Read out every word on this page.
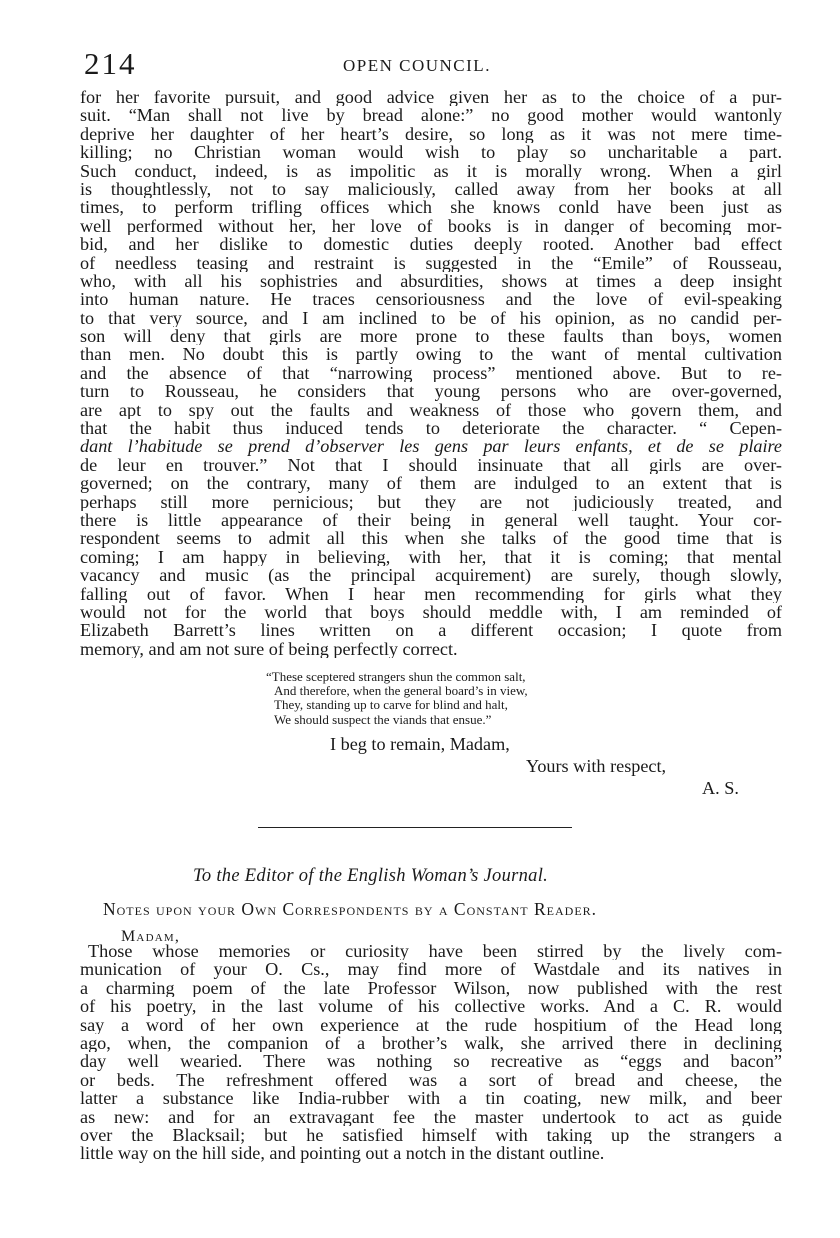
214	OPEN COUNCIL.
for her favorite pursuit, and good advice given her as to the choice of a pur-
suit. “Man shall not live by bread alone:” no good mother would wantonly
deprive her daughter of her heart’s desire, so long as it was not mere time-
killing; no Christian woman would wish to play so uncharitable a part.
Such conduct, indeed, is as impolitic as it is morally wrong. When a girl
is thoughtlessly, not to say maliciously, called away from her books at all
times, to perform trifling offices which she knows conld have been just as
well performed without her, her love of books is in danger of becoming mor-
bid, and her dislike to domestic duties deeply rooted. Another bad effect
of needless teasing and restraint is suggested in the “Emile” of Rousseau,
who, with all his sophistries and absurdities, shows at times a deep insight
into human nature. He traces censoriousness and the love of evil-speaking
to that very source, and I am inclined to be of his opinion, as no candid per-
son will deny that girls are more prone to these faults than boys, women
than men. No doubt this is partly owing to the want of mental cultivation
and the absence of that “narrowing process” mentioned above. But to re-
turn to Rousseau, he considers that young persons who are over-governed,
are apt to spy out the faults and weakness of those who govern them, and
that the habit thus induced tends to deteriorate the character. “ Cepen-
dant l’habitude se prend d’observer les gens par leurs enfants, et de se plaire
de leur en trouver.” Not that I should insinuate that all girls are over-
governed; on the contrary, many of them are indulged to an extent that is
perhaps still more pernicious; but they are not judiciously treated, and
there is little appearance of their being in general well taught. Your cor-
respondent seems to admit all this when she talks of the good time that is
coming; I am happy in believing, with her, that it is coming; that mental
vacancy and music (as the principal acquirement) are surely, though slowly,
falling out of favor. When I hear men recommending for girls what they
would not for the world that boys should meddle with, I am reminded of
Elizabeth Barrett’s lines written on a different occasion; I quote from
memory, and am not sure of being perfectly correct.
“These sceptered strangers shun the common salt,
And therefore, when the general board’s in view,
They, standing up to carve for blind and halt,
We should suspect the viands that ensue.”
I beg to remain, Madam,
Yours with respect,
A. S.
To the Editor of the English Woman’s Journal.
Notes upon your Own Correspondents by a Constant Reader.
Madam,
Those whose memories or curiosity have been stirred by the lively com-
munication of your O. Cs., may find more of Wastdale and its natives in
a charming poem of the late Professor Wilson, now published with the rest
of his poetry, in the last volume of his collective works. And a C. R. would
say a word of her own experience at the rude hospitium of the Head long
ago, when, the companion of a brother’s walk, she arrived there in declining
day well wearied. There was nothing so recreative as “eggs and bacon”
or beds. The refreshment offered was a sort of bread and cheese, the
latter a substance like India-rubber with a tin coating, new milk, and beer
as new: and for an extravagant fee the master undertook to act as guide
over the Blacksail; but he satisfied himself with taking up the strangers a
little way on the hill side, and pointing out a notch in the distant outline.
